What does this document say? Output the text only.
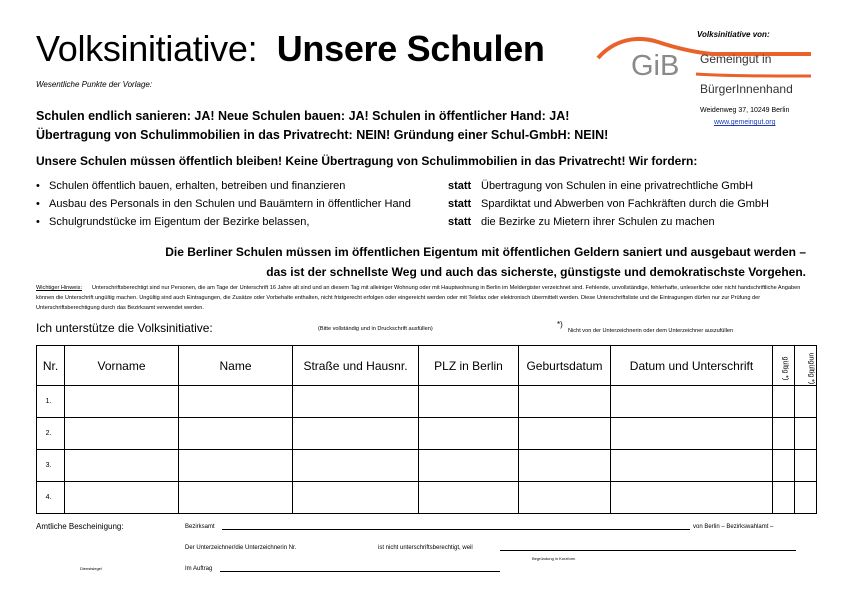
Volksinitiative: Unsere Schulen
Wesentliche Punkte der Vorlage:
Volksinitiative von:
GiB Gemeingut in
BürgerInnenhand
Weidenweg 37, 10249 Berlin
www.gemeingut.org
Schulen endlich sanieren: JA! Neue Schulen bauen: JA! Schulen in öffentlicher Hand: JA!
Übertragung von Schulimmobilien in das Privatrecht: NEIN! Gründung einer Schul-GmbH: NEIN!
Unsere Schulen müssen öffentlich bleiben! Keine Übertragung von Schulimmobilien in das Privatrecht! Wir fordern:
• Schulen öffentlich bauen, erhalten, betreiben und finanzieren	statt Übertragung von Schulen in eine privatrechtliche GmbH
• Ausbau des Personals in den Schulen und Bauämtern in öffentlicher Hand	statt Spardiktat und Abwerben von Fachkräften durch die GmbH
• Schulgrundstücke im Eigentum der Bezirke belassen,	statt die Bezirke zu Mietern ihrer Schulen zu machen
Die Berliner Schulen müssen im öffentlichen Eigentum mit öffentlichen Geldern saniert und ausgebaut werden –
das ist der schnellste Weg und auch das sicherste, günstigste und demokratischste Vorgehen.
Wichtiger Hinweis: Unterschriftsberechtigt sind nur Personen, die am Tage der Unterschrift 16 Jahre alt sind und an diesem Tag mit alleiniger Wohnung oder mit Hauptwohnung in Berlin im Meldergister verzeichnet sind. Fehlende, unvollständige, fehlerhafte, unleserliche oder nicht handschriftliche Angaben können die Unterschrift ungültig machen. Ungültig sind auch Eintragungen, die Zusätze oder Vorbehalte enthalten, nicht fristgerecht erfolgen oder eingereicht werden oder mit Telefax oder elektronisch übermittelt werden. Diese Unterschriftsliste und die Eintragungen dürfen nur zur Prüfung der Unterschriftsberechtigung durch das Bezirksamt verwendet werden.
Ich unterstütze die Volksinitiative:	(Bitte vollständig und in Druckschrift ausfüllen)	*)
Nicht von der Unterzeichnerin oder dem Unterzeichner auszufüllen
Nr.	Vorname	Name	Straße und Hausnr.	PLZ in Berlin	Geburtsdatum	Datum und Unterschrift	gültig *)	ungültig *)
1.								
2.								
3.								
4.								
Amtliche Bescheinigung:	Bezirksamt	von Berlin – Bezirkswahlamt –
Der Unterzeichner/die Unterzeichnerin Nr.	ist nicht unterschriftsberechtigt, weil
Begründung in Kurzform
Dienstsiegel	Im Auftrag
